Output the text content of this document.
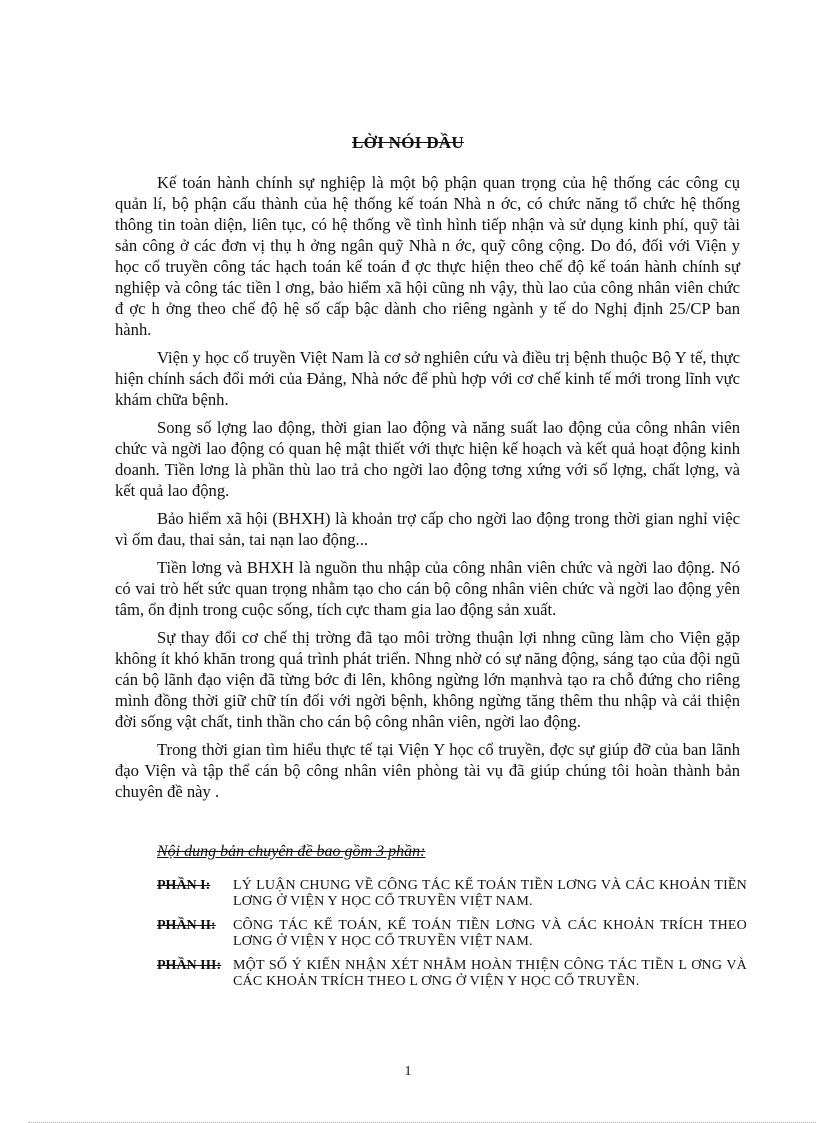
LỜI NÓI ĐẦU

Kế toán hành chính sự nghiệp là một bộ phận quan trọng của hệ thống các công cụ quản lí, bộ phận cấu thành của hệ thống kế toán Nhà n ớc, có chức năng tổ chức hệ thống thông tin toàn diện, liên tục, có hệ thống về tình hình tiếp nhận và sử dụng kinh phí, quỹ tài sản công ở các đơn vị thụ h ởng ngân quỹ Nhà n ớc, quỹ công cộng. Do đó, đối với Viện y học cổ truyền công tác hạch toán kế toán đ ợc thực hiện theo chế độ kế toán hành chính sự nghiệp và công tác tiền l ơng, bảo hiểm xã hội cũng nh vậy, thù lao của công nhân viên chức đ ợc h ởng theo chế độ hệ số cấp bậc dành cho riêng ngành y tế do Nghị định 25/CP ban hành.

Viện y học cổ truyền Việt Nam là cơ sở nghiên cứu và điều trị bệnh thuộc Bộ Y tế, thực hiện chính sách đổi mới của Đảng, Nhà nớc để phù hợp với cơ chế kinh tế mới trong lĩnh vực khám chữa bệnh.

Song số lợng lao động, thời gian lao động và năng suất lao động của công nhân viên chức và ngời lao động có quan hệ mật thiết với thực hiện kế hoạch và kết quả hoạt động kinh doanh. Tiền lơng là phần thù lao trả cho ngời lao động tơng xứng với số lợng, chất lợng, và kết quả lao động.

Bảo hiểm xã hội (BHXH) là khoản trợ cấp cho ngời lao động trong thời gian nghỉ việc vì ốm đau, thai sản, tai nạn lao động...

Tiền lơng và BHXH là nguồn thu nhập của công nhân viên chức và ngời lao động. Nó có vai trò hết sức quan trọng nhằm tạo cho cán bộ công nhân viên chức và ngời lao động yên tâm, ổn định trong cuộc sống, tích cực tham gia lao động sản xuất.

Sự thay đổi cơ chế thị trờng đã tạo môi trờng thuận lợi nhng cũng làm cho Viện gặp không ít khó khăn trong quá trình phát triển. Nhng nhờ có sự năng động, sáng tạo của đội ngũ cán bộ lãnh đạo viện đã từng bớc đi lên, không ngừng lớn mạnhvà tạo ra chỗ đứng cho riêng mình đồng thời giữ chữ tín đối với ngời bệnh, không ngừng tăng thêm thu nhập và cải thiện đời sống vật chất, tinh thần cho cán bộ công nhân viên, ngời lao động.

Trong thời gian tìm hiểu thực tế tại Viện Y học cổ truyền, đợc sự giúp đỡ của ban lãnh đạo Viện và tập thể cán bộ công nhân viên phòng tài vụ đã giúp chúng tôi hoàn thành bản chuyên đề này .

Nội dung bản chuyên đề bao gồm 3 phần:
PHẦN I:	LÝ LUẬN CHUNG VỀ CÔNG TÁC KẾ TOÁN TIỀN LƠNG VÀ CÁC KHOẢN TIỀN LƠNG Ở VIỆN Y HỌC CỔ TRUYỀN VIỆT NAM.
PHẦN II:	CÔNG TÁC KẾ TOÁN, KẾ TOÁN TIỀN LƠNG VÀ CÁC KHOẢN TRÍCH THEO LƠNG Ở VIỆN Y HỌC CỔ TRUYỀN VIỆT NAM.
PHẦN III: MỘT SỐ Ý KIẾN NHẬN XÉT NHẰM HOÀN THIỆN CÔNG TÁC TIỀN L ƠNG VÀ CÁC KHOẢN TRÍCH THEO L ƠNG Ở VIỆN Y HỌC CỔ TRUYỀN.
1
